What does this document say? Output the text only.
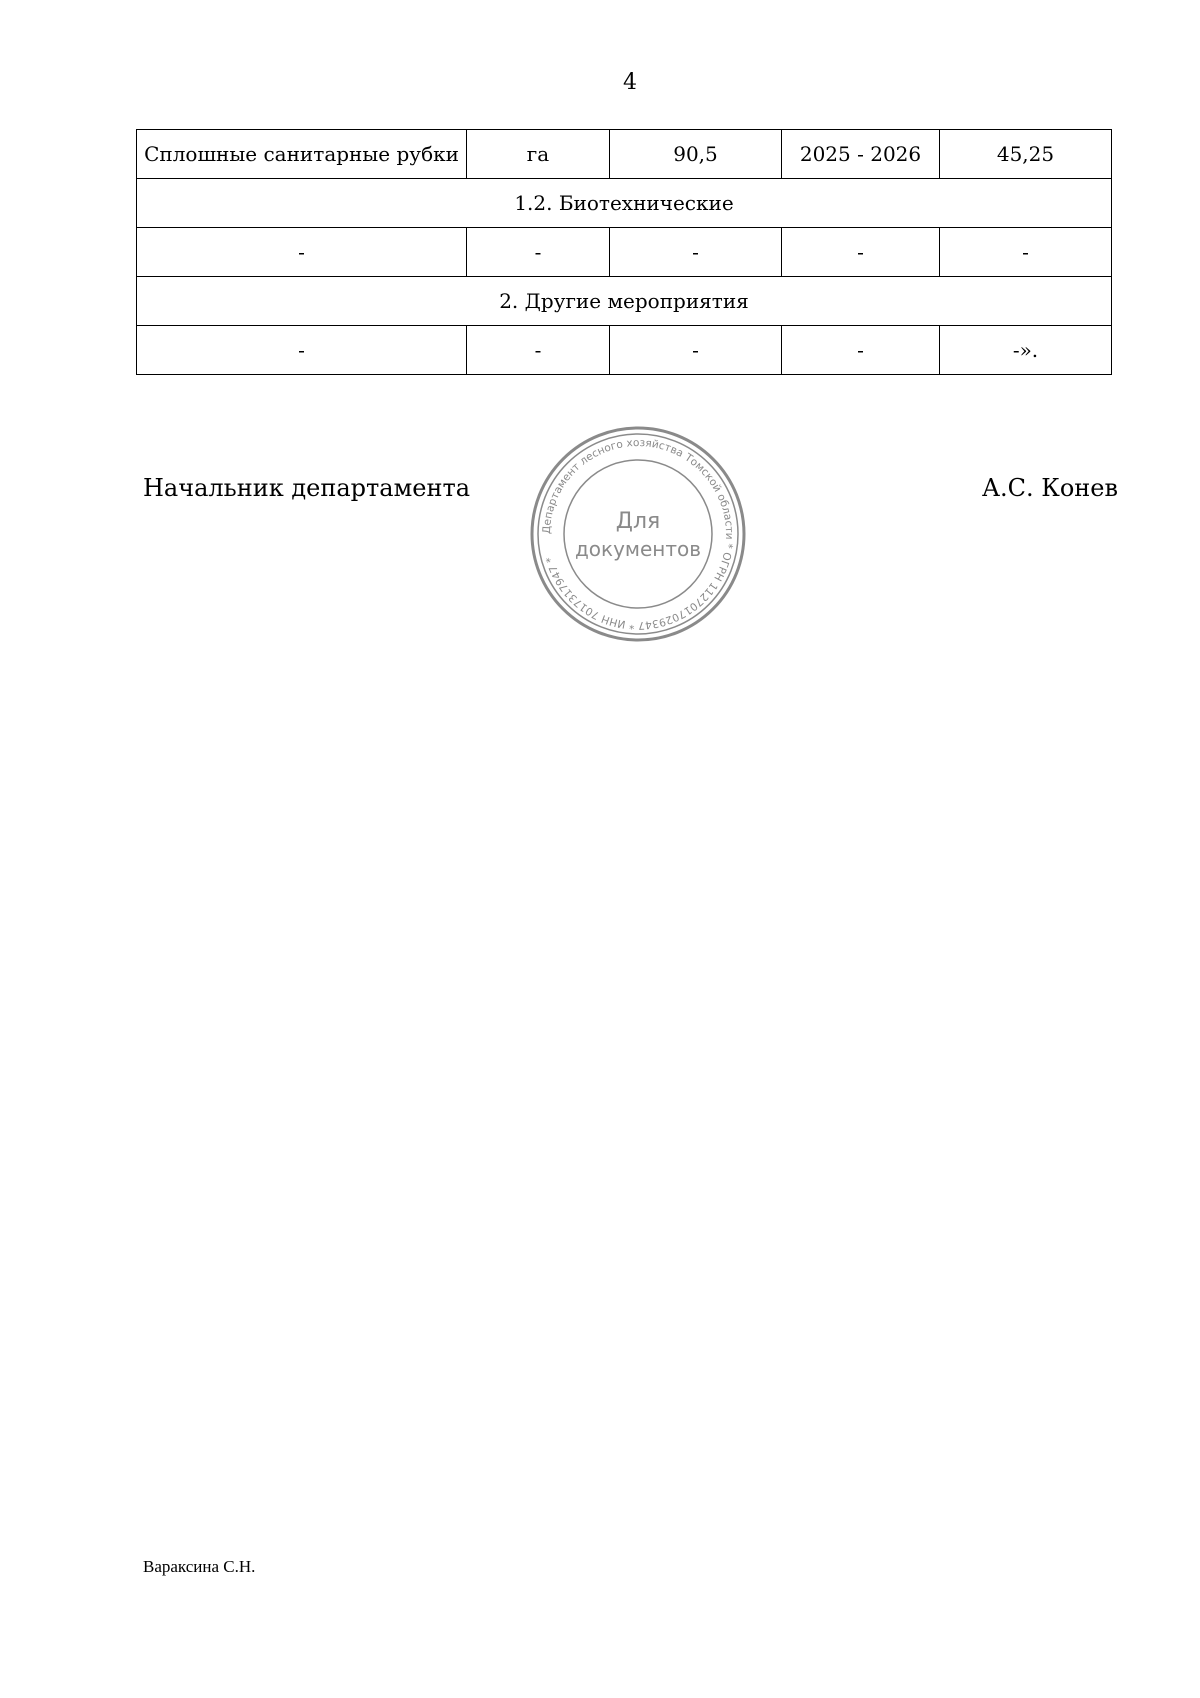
4
Сплошные санитарные рубки	га	90,5	2025 - 2026	45,25
1.2. Биотехнические				
-	-	-	-	-
2. Другие мероприятия				
-	-	-	-	-».
Начальник департамента
Департамент лесного хозяйства Томской области * ОГРН 1127017029347 * ИНН 7017317947 *
Для
документов
А.С. Конев
Вараксина С.Н.
